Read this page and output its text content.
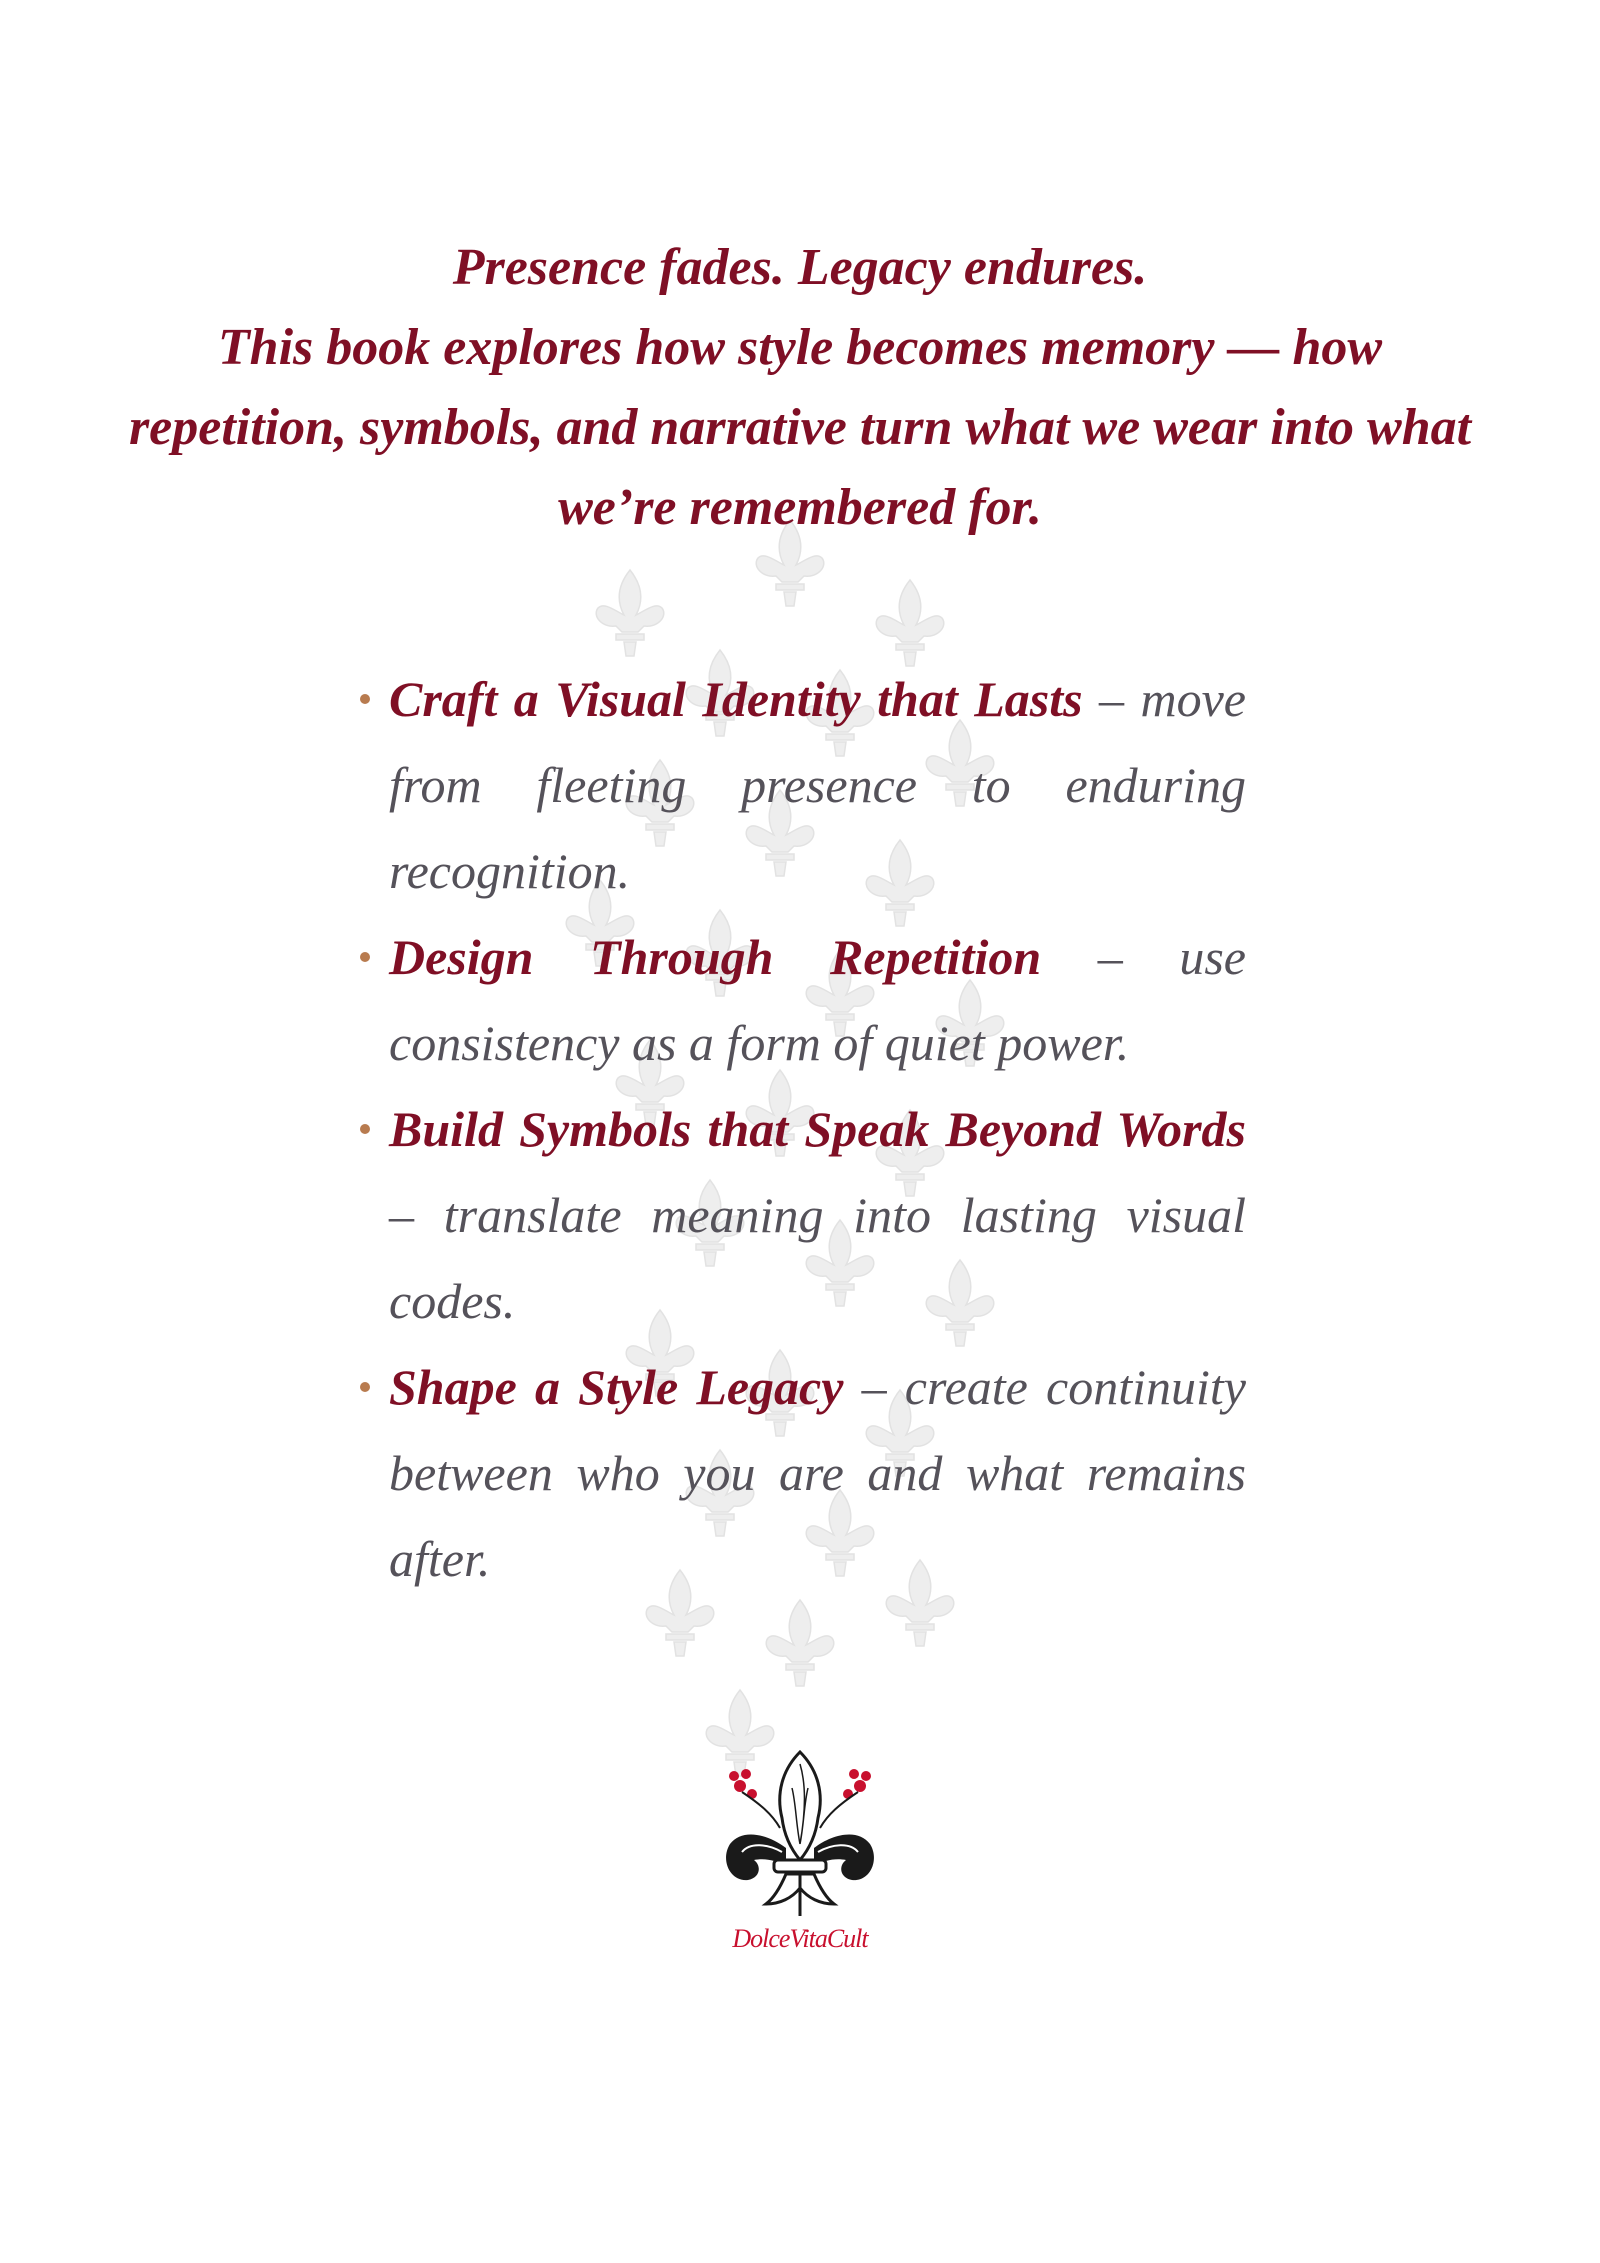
Presence fades. Legacy endures.
This book explores how style becomes memory — how
repetition, symbols, and narrative turn what we wear into what
we’re remembered for.
Craft a Visual Identity that Lasts – move from fleeting presence to enduring recognition.
Design Through Repetition – use consistency as a form of quiet power.
Build Symbols that Speak Beyond Words – translate meaning into lasting visual codes.
Shape a Style Legacy – create continuity between who you are and what remains after.
DolceVitaCult
